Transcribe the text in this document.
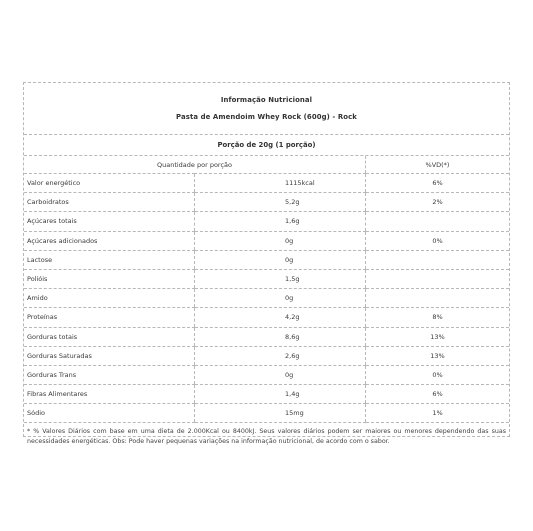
Informação Nutricional
Pasta de Amendoim Whey Rock (600g) - Rock
Porção de 20g (1 porção)
Quantidade por porção		%VD(*)
Valor energético	1115kcal	6%
Carboidratos	5,2g	2%
Açúcares totais	1,6g	
Açúcares adicionados	0g	0%
Lactose	0g	
Polióis	1,5g	
Amido	0g	
Proteínas	4,2g	8%
Gorduras totais	8,6g	13%
Gorduras Saturadas	2,6g	13%
Gorduras Trans	0g	0%
Fibras Alimentares	1,4g	6%
Sódio	15mg	1%
* % Valores Diários com base em uma dieta de 2.000Kcal ou 8400kJ. Seus valores diários podem ser maiores ou menores dependendo das suas necessidades energéticas. Obs: Pode haver pequenas variações na informação nutricional, de acordo com o sabor.
